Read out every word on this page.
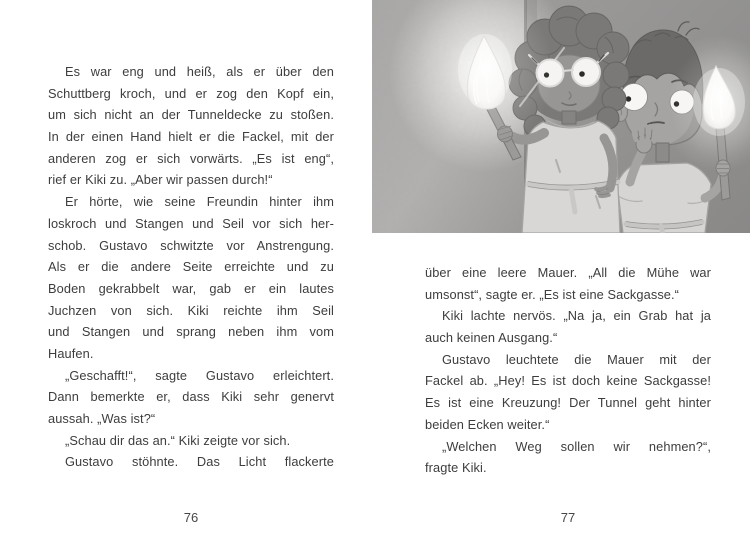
Es war eng und heiß, als er über den
Schuttberg kroch, und er zog den Kopf ein,
um sich nicht an der Tunneldecke zu stoßen.
In der einen Hand hielt er die Fackel, mit der
anderen zog er sich vorwärts. „Es ist eng“,
rief er Kiki zu. „Aber wir passen durch!“
Er hörte, wie seine Freundin hinter ihm
loskroch und Stangen und Seil vor sich her-
schob. Gustavo schwitzte vor Anstrengung.
Als er die andere Seite erreichte und zu
Boden gekrabbelt war, gab er ein lautes
Juchzen von sich. Kiki reichte ihm Seil
und Stangen und sprang neben ihm vom
Haufen.
„Geschafft!“, sagte Gustavo erleichtert.
Dann bemerkte er, dass Kiki sehr genervt
aussah. „Was ist?“
„Schau dir das an.“ Kiki zeigte vor sich.
Gustavo stöhnte. Das Licht flackerte
76
über eine leere Mauer. „All die Mühe war
umsonst“, sagte er. „Es ist eine Sackgasse.“
Kiki lachte nervös. „Na ja, ein Grab hat ja
auch keinen Ausgang.“
Gustavo leuchtete die Mauer mit der
Fackel ab. „Hey! Es ist doch keine Sackgasse!
Es ist eine Kreuzung! Der Tunnel geht hinter
beiden Ecken weiter.“
„Welchen Weg sollen wir nehmen?“,
fragte Kiki.
77
